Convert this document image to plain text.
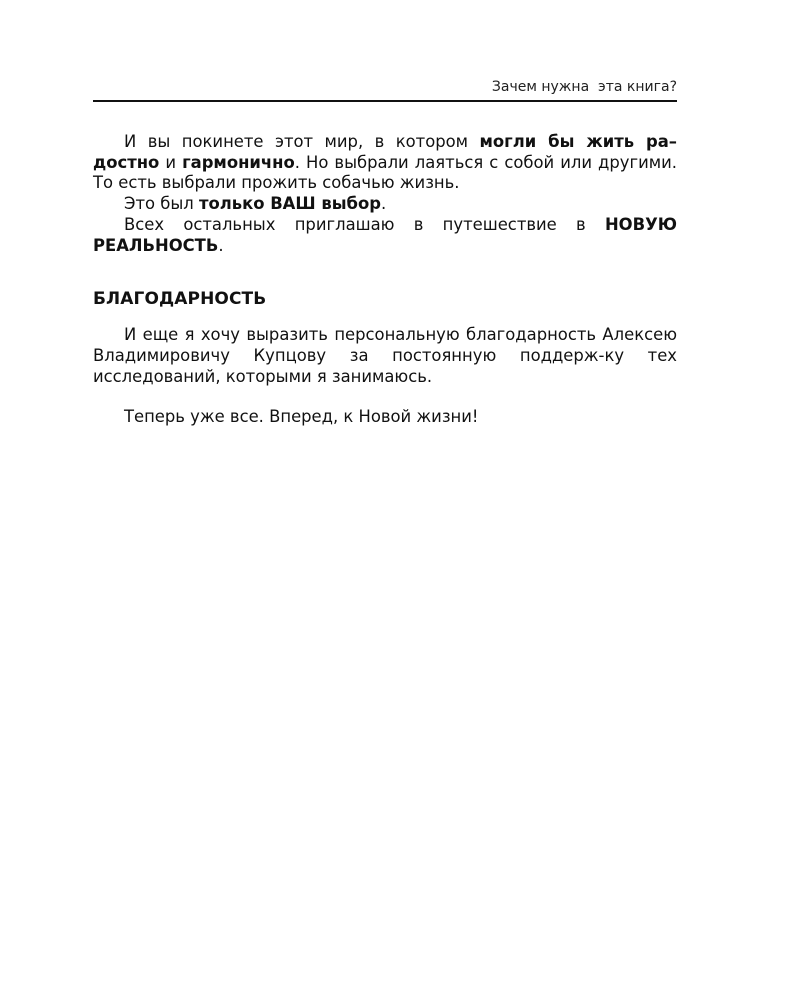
Зачем нужна  эта книга?

И вы покинете этот мир, в котором могли бы жить ра–достно и гармонично. Но выбрали лаяться с собой или другими. То есть выбрали прожить собачью жизнь.

Это был только ВАШ выбор.

Всех остальных приглашаю в путешествие в НОВУЮ РЕАЛЬНОСТЬ.

БЛАГОДАРНОСТЬ

И еще я хочу выразить персональную благодарность Алексею Владимировичу Купцову за постоянную поддерж-ку тех исследований, которыми я занимаюсь.

Теперь уже все. Вперед, к Новой жизни!
